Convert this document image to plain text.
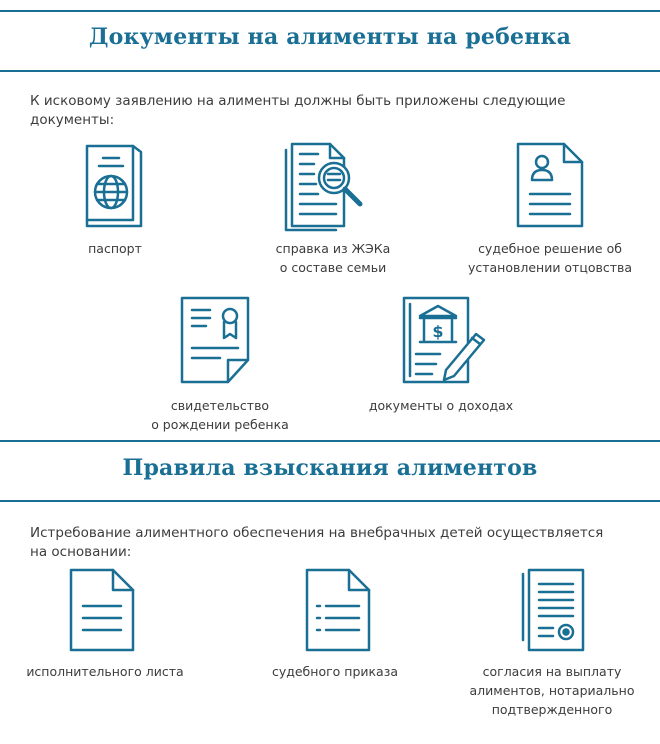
Документы на алименты на ребенка
К исковому заявлению на алименты должны быть приложены следующие документы:
паспорт	справка из ЖЭКа
о составе семьи
судебное решение об
установлении отцовства
свидетельство
о рождении ребенка
$
документы о доходах
Правила взыскания алиментов
Истребование алиментного обеспечения на внебрачных детей осуществляется на основании:
исполнительного листа	судебного приказа	согласия на выплату
алиментов, нотариально
подтвержденного
